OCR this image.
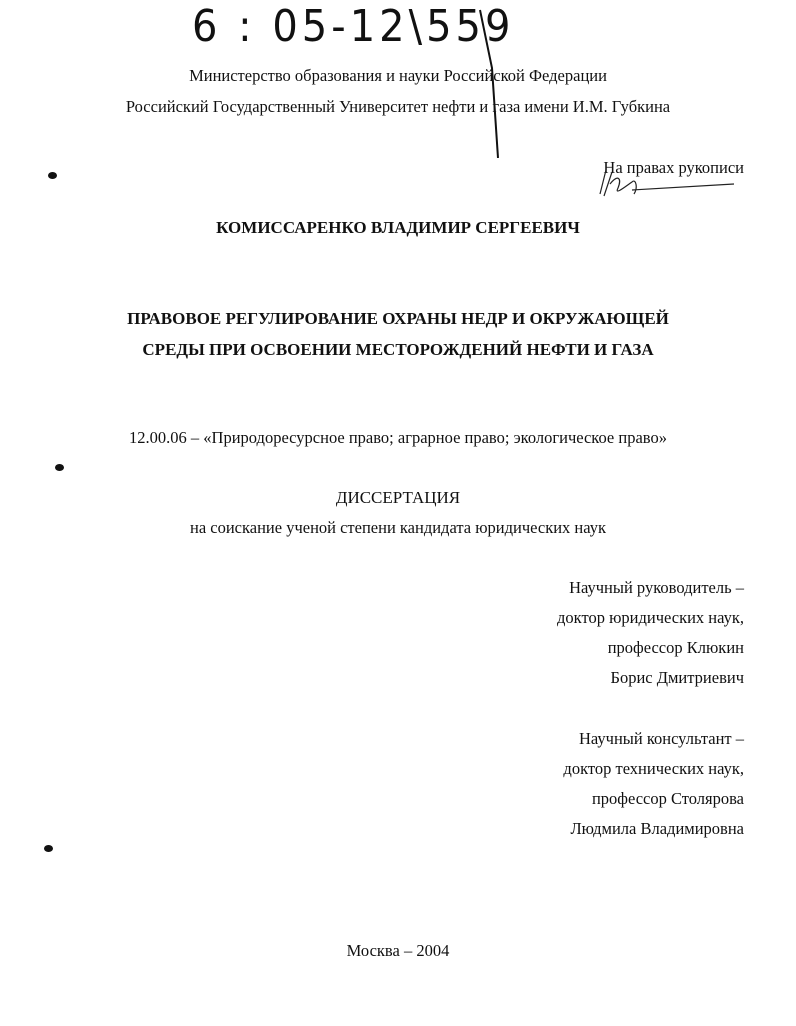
6 : 05-12\559
Министерство образования и науки Российской Федерации
Российский Государственный Университет нефти и газа имени И.М. Губкина
На правах рукописи
КОМИССАРЕНКО ВЛАДИМИР СЕРГЕЕВИЧ
ПРАВОВОЕ РЕГУЛИРОВАНИЕ ОХРАНЫ НЕДР И ОКРУЖАЮЩЕЙ
СРЕДЫ ПРИ ОСВОЕНИИ МЕСТОРОЖДЕНИЙ НЕФТИ И ГАЗА
12.00.06 – «Природоресурсное право; аграрное право; экологическое право»
ДИССЕРТАЦИЯ
на соискание ученой степени кандидата юридических наук
Научный руководитель –
доктор юридических наук,
профессор Клюкин
Борис Дмитриевич
Научный консультант –
доктор технических наук,
профессор Столярова
Людмила Владимировна
Москва – 2004
